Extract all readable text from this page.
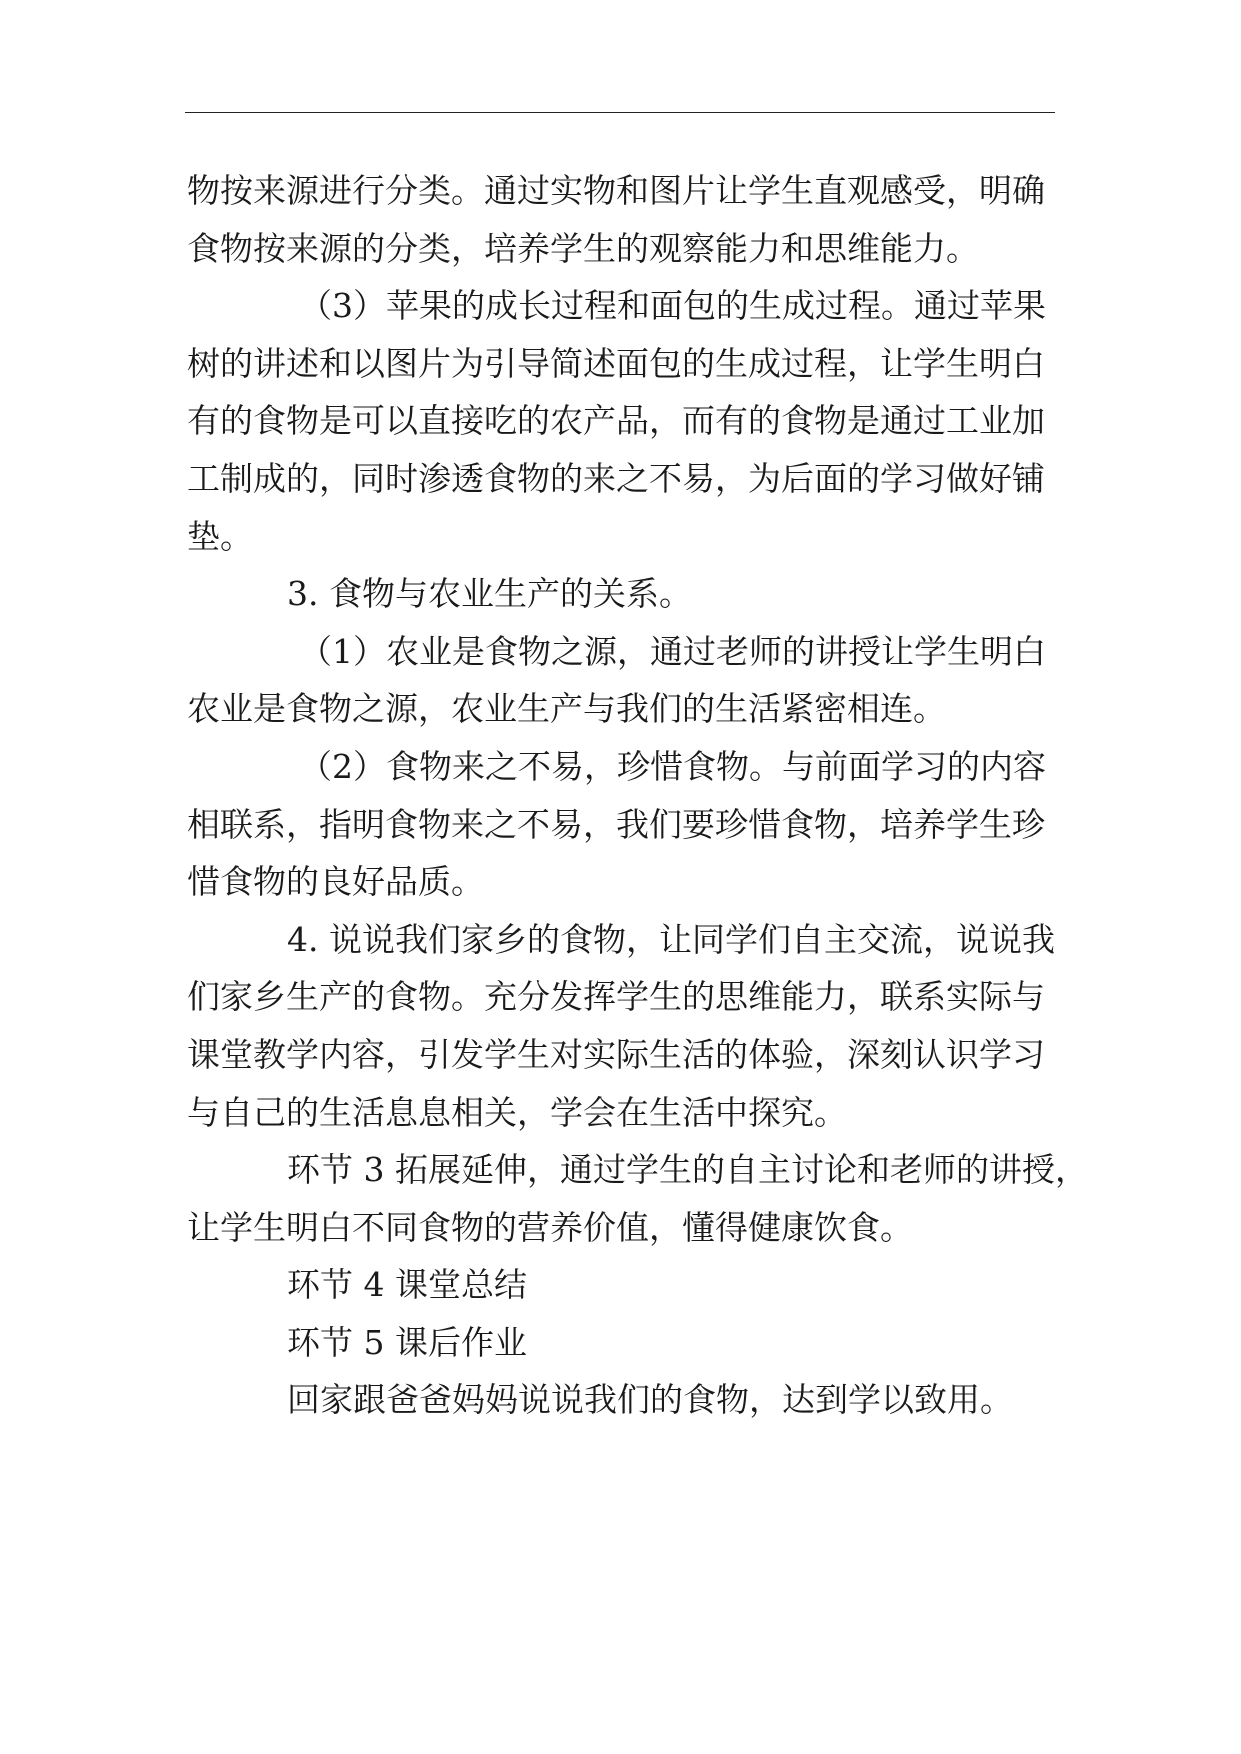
物按来源进行分类。通过实物和图片让学生直观感受，明确
食物按来源的分类，培养学生的观察能力和思维能力。
（3）苹果的成长过程和面包的生成过程。通过苹果
树的讲述和以图片为引导简述面包的生成过程，让学生明白
有的食物是可以直接吃的农产品，而有的食物是通过工业加
工制成的，同时渗透食物的来之不易，为后面的学习做好铺
垫。
3. 食物与农业生产的关系。
（1）农业是食物之源，通过老师的讲授让学生明白
农业是食物之源，农业生产与我们的生活紧密相连。
（2）食物来之不易，珍惜食物。与前面学习的内容
相联系，指明食物来之不易，我们要珍惜食物，培养学生珍
惜食物的良好品质。
4. 说说我们家乡的食物，让同学们自主交流，说说我
们家乡生产的食物。充分发挥学生的思维能力，联系实际与
课堂教学内容，引发学生对实际生活的体验，深刻认识学习
与自己的生活息息相关，学会在生活中探究。
环节 3 拓展延伸，通过学生的自主讨论和老师的讲授，
让学生明白不同食物的营养价值，懂得健康饮食。
环节 4 课堂总结
环节 5 课后作业
回家跟爸爸妈妈说说我们的食物，达到学以致用。
